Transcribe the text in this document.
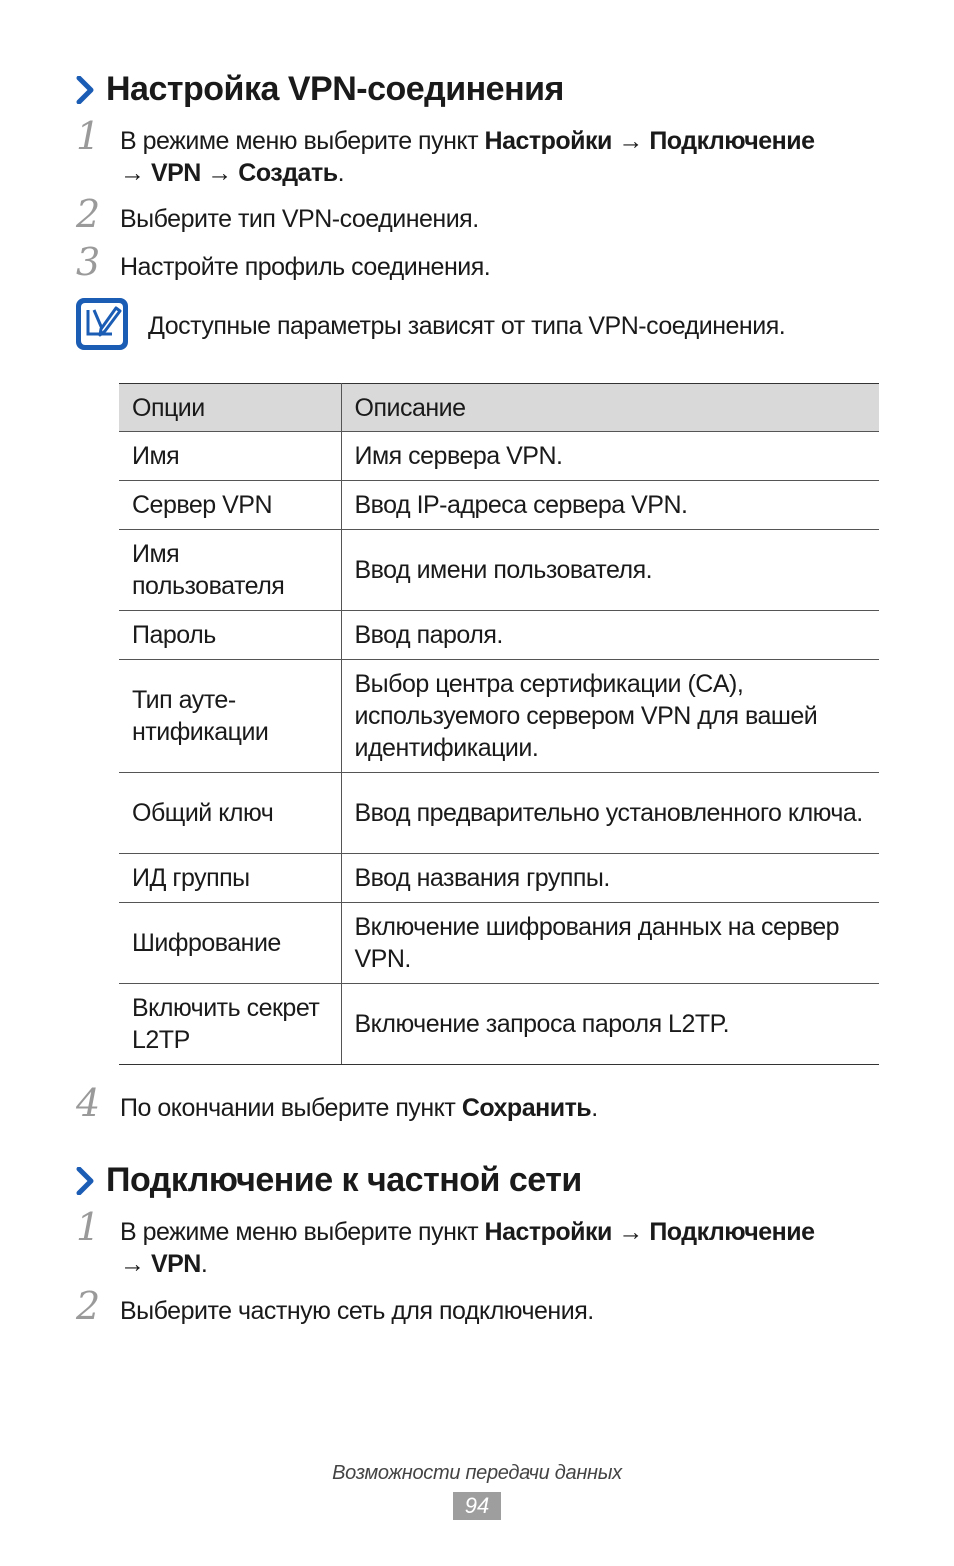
Настройка VPN-соединения
1 В режиме меню выберите пункт Настройки → Подключение
→ VPN → Создать.
2 Выберите тип VPN-соединения.
3 Настройте профиль соединения.
Доступные параметры зависят от типа VPN-соединения.
Опции	Описание
Имя	Имя сервера VPN.
Сервер VPN	Ввод IP-адреса сервера VPN.
Имя пользователя	Ввод имени пользователя.
Пароль	Ввод пароля.
Тип ауте-нтификации	Выбор центра сертификации (CA), используемого сервером VPN для вашей идентификации.
Общий ключ	Ввод предварительно установленного ключа.
ИД группы	Ввод названия группы.
Шифрование	Включение шифрования данных на сервер VPN.
Включить секрет L2TP	Включение запроса пароля L2TP.
4 По окончании выберите пункт Сохранить.
Подключение к частной сети
1 В режиме меню выберите пункт Настройки → Подключение
→ VPN.
2 Выберите частную сеть для подключения.
Возможности передачи данных
94
